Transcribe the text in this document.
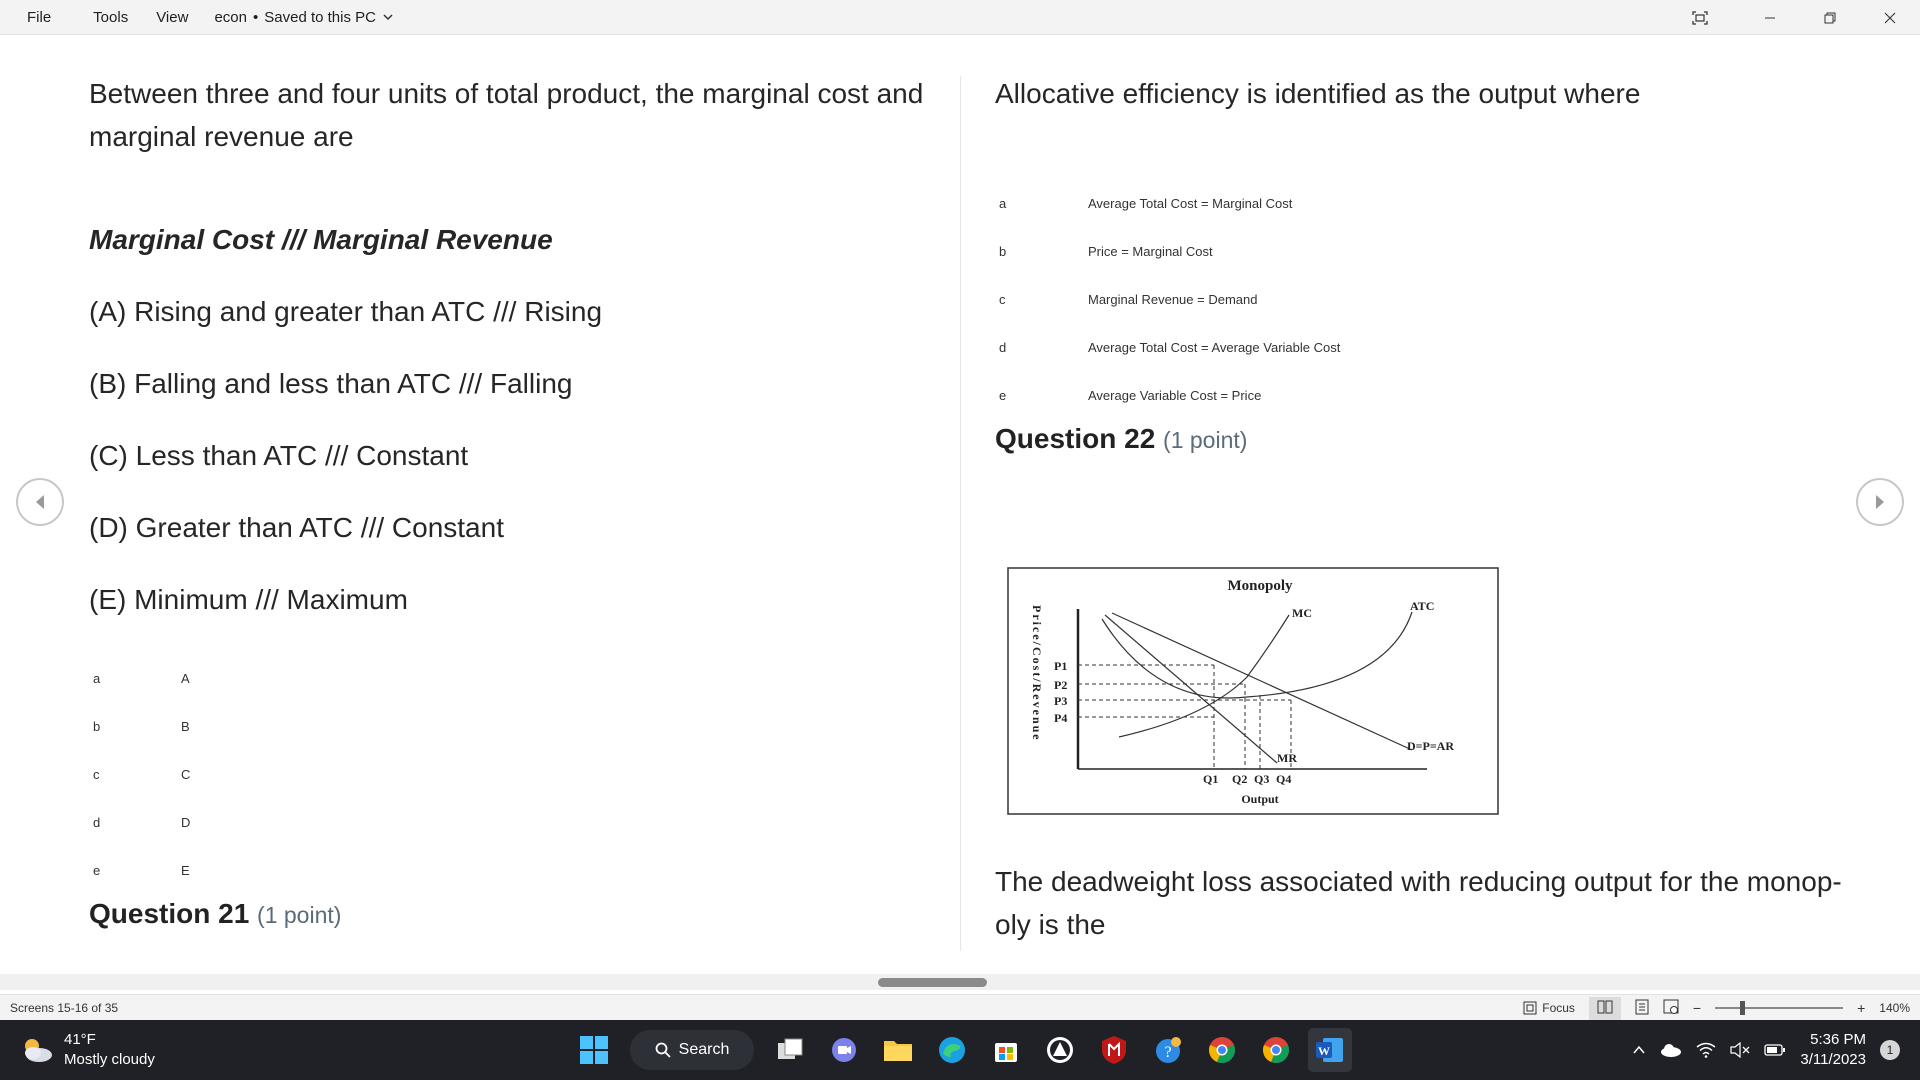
File	Tools	View	econ • Saved to this PC

Between three and four units of total product, the marginal cost and marginal revenue are

Marginal Cost /// Marginal Revenue

(A) Rising and greater than ATC /// Rising

(B) Falling and less than ATC /// Falling

(C) Less than ATC /// Constant

(D) Greater than ATC /// Constant

(E) Minimum /// Maximum

a	A
b	B
c	C
d	D
e	E

Question 21 (1 point)

Allocative efficiency is identified as the output where

a	Average Total Cost = Marginal Cost
b	Price = Marginal Cost
c	Marginal Revenue = Demand
d	Average Total Cost = Average Variable Cost
e	Average Variable Cost = Price

Question 22 (1 point)

Monopoly
Price/Cost/Revenue P1
P2
P3
P4
MC	ATC
MR
D=P=AR
Q1 Q2 Q3 Q4
Output

The deadweight loss associated with reducing output for the monop-oly is the

Screens 15-16 of 35	Focus	−	+ 140%
41°F
Mostly cloudy
Search	?	W
5:36 PM
3/11/2023
1
